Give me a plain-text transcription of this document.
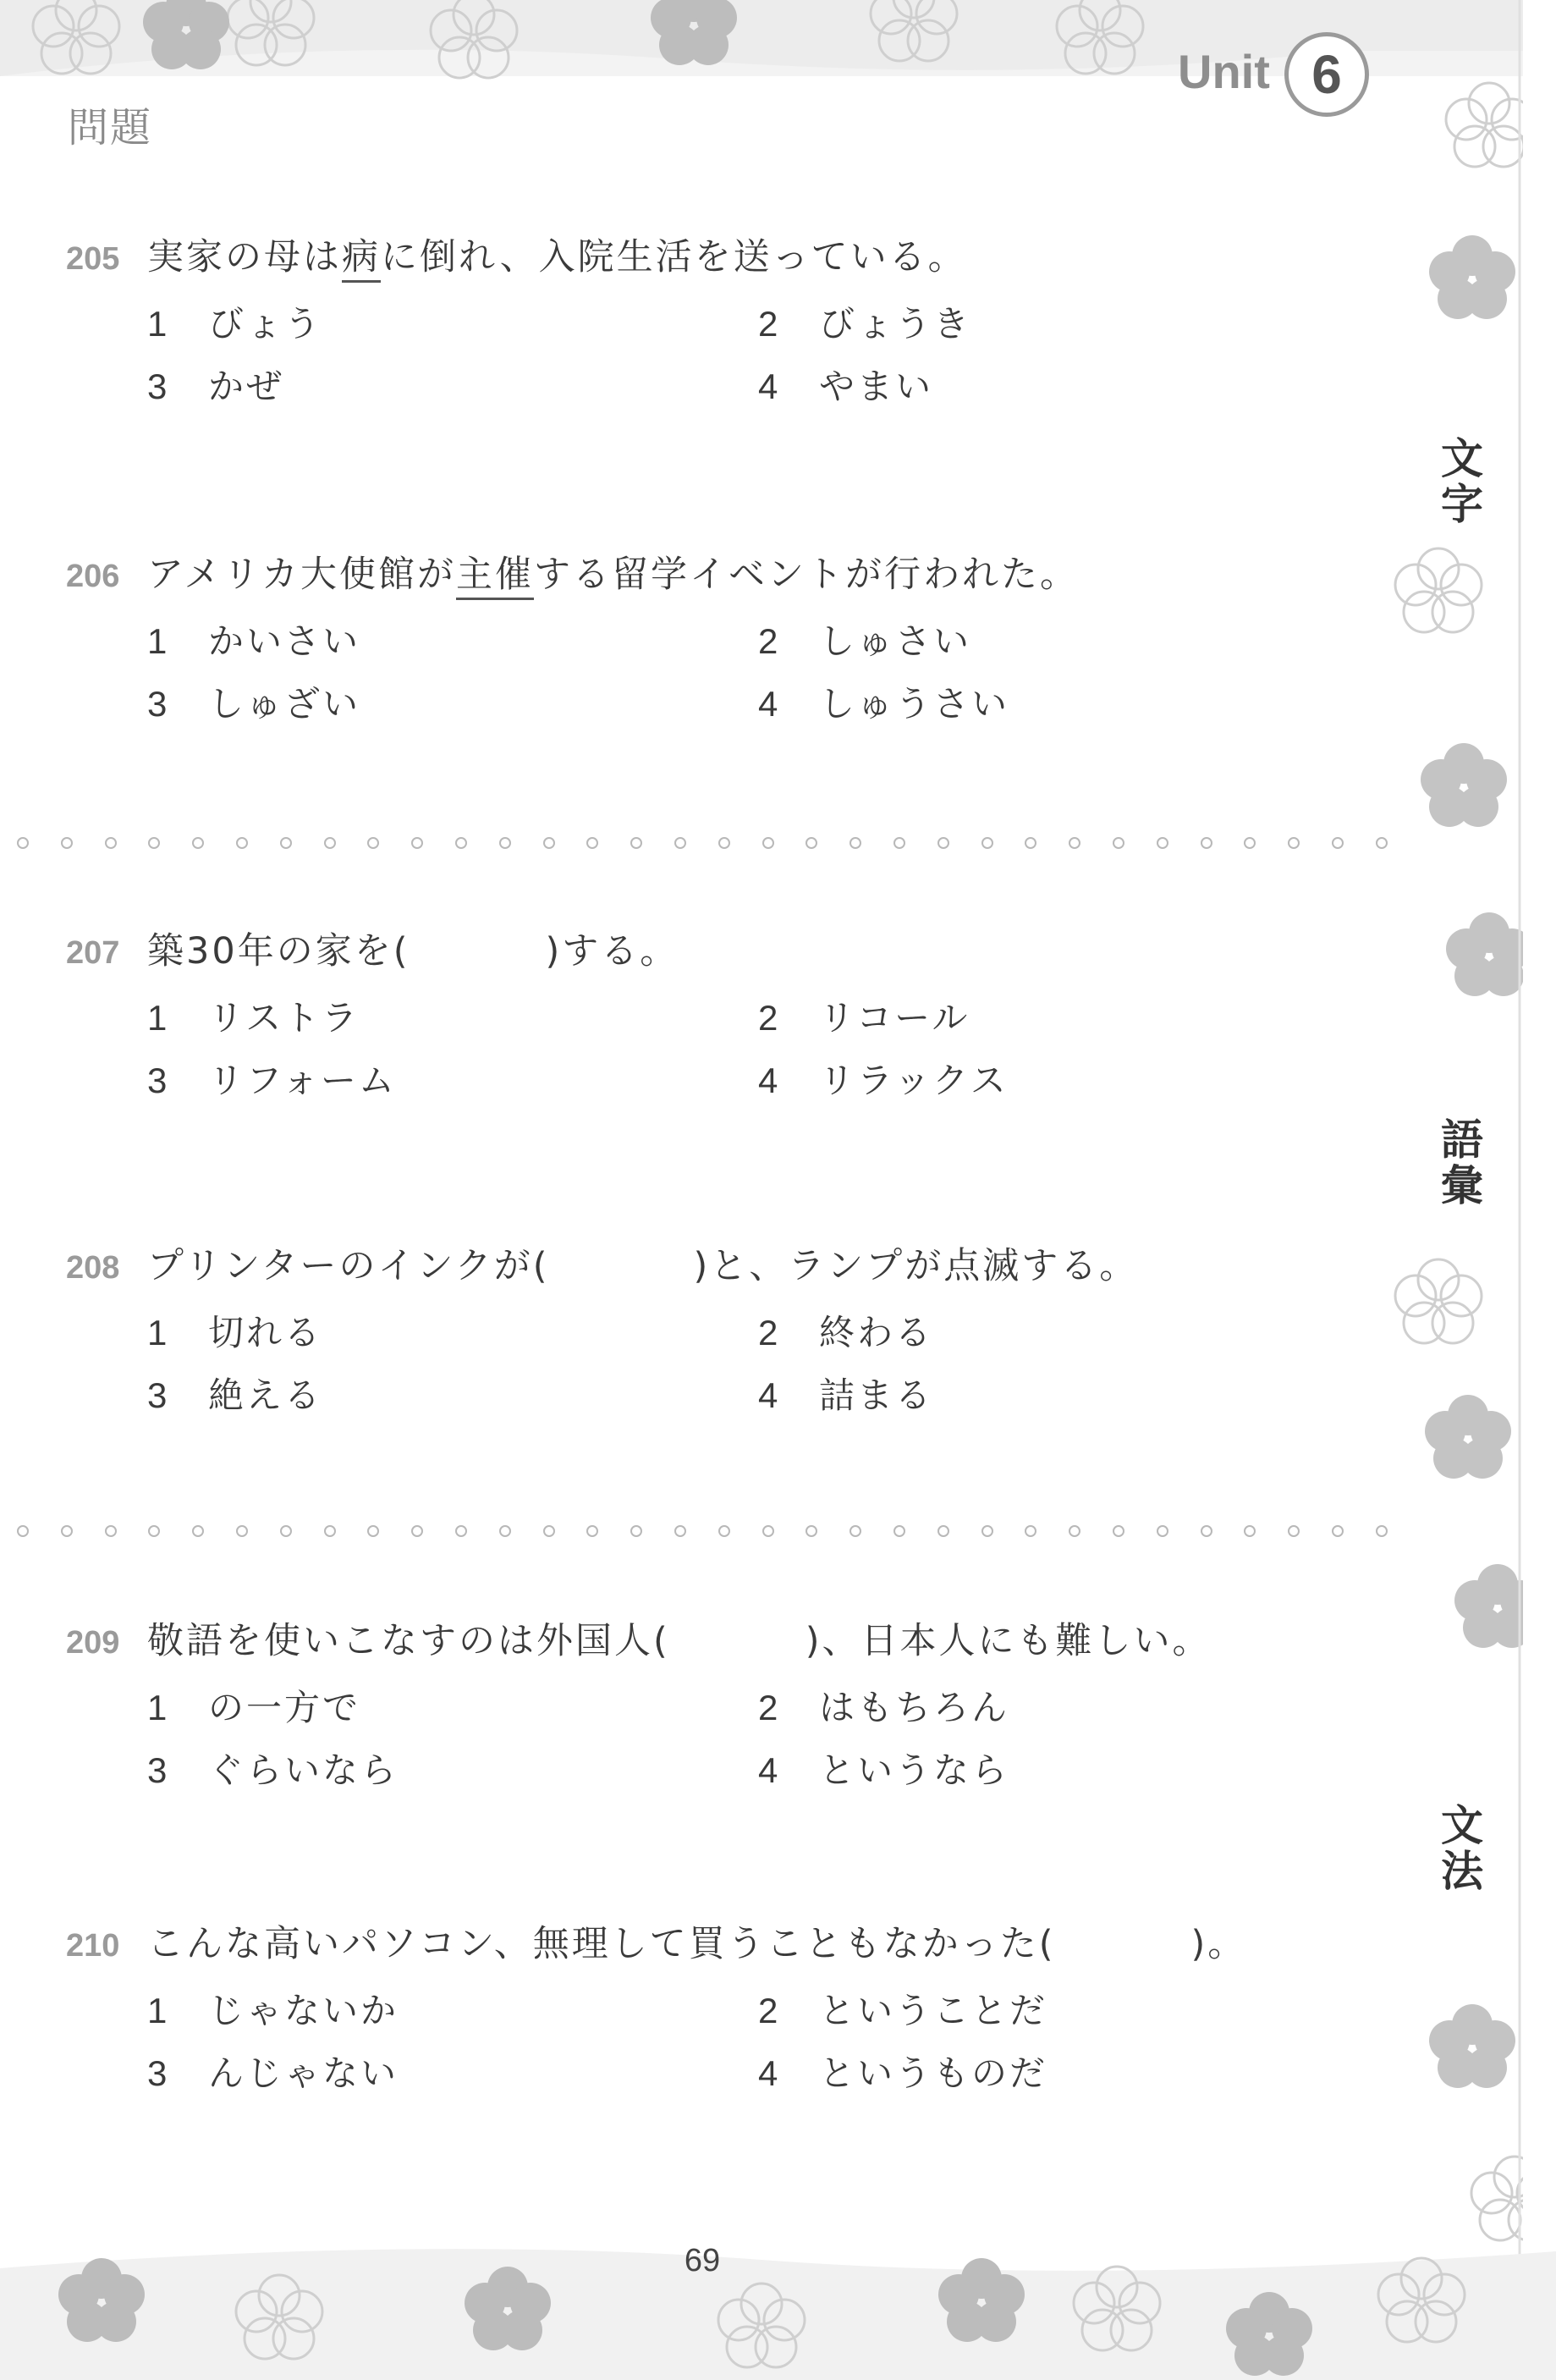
問題
Unit 6
205 実家の母は病に倒れ、入院生活を送っている。
1	びょう	2	びょうき
3	かぜ	4	やまい
206 アメリカ大使館が主催する留学イベントが行われた。
1	かいさい	2	しゅさい
3	しゅざい	4	しゅうさい
207 築30年の家を(	)する。
1	リストラ	2	リコール
3	リフォーム	4	リラックス
208 プリンターのインクが(	)と、ランプが点滅する。
1	切れる	2	終わる
3	絶える	4	詰まる
209 敬語を使いこなすのは外国人(	)、日本人にも難しい。
1	の一方で	2	はもちろん
3	ぐらいなら	4	というなら
210 こんな高いパソコン、無理して買うこともなかった(	)。
1	じゃないか	2	ということだ
3	んじゃない	4	というものだ
文字
語彙
文法
69
